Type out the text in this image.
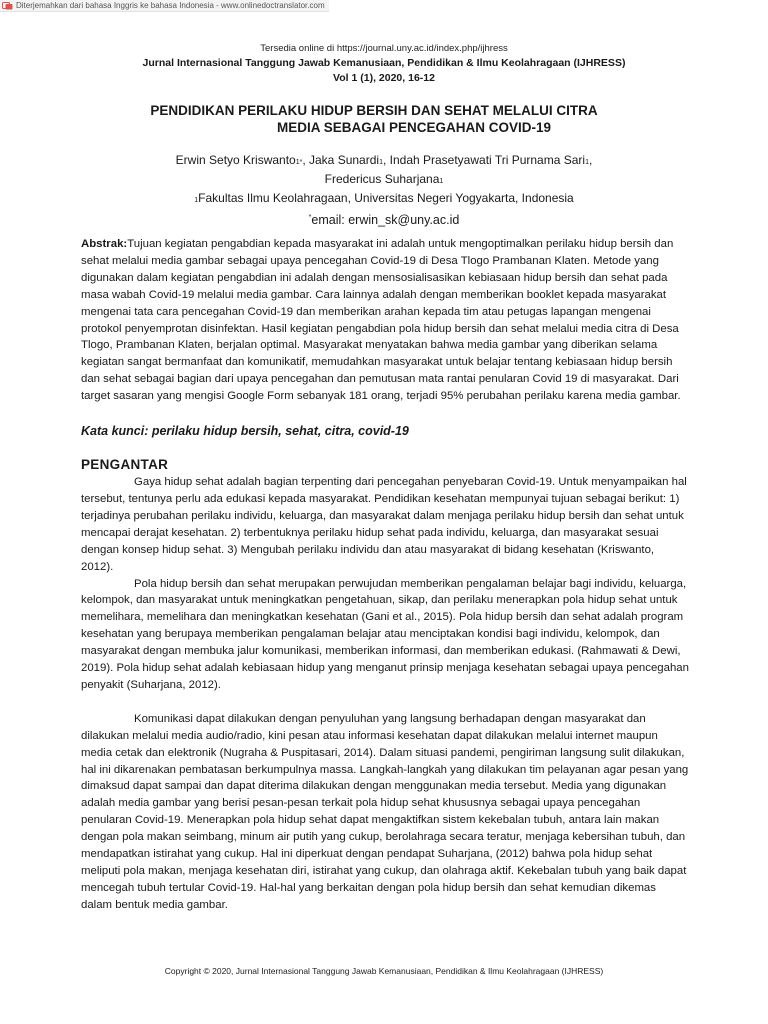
Diterjemahkan dari bahasa Inggris ke bahasa Indonesia - www.onlinedoctranslator.com
Tersedia online di https://journal.uny.ac.id/index.php/ijhress
Jurnal Internasional Tanggung Jawab Kemanusiaan, Pendidikan & Ilmu Keolahragaan (IJHRESS)
Vol 1 (1), 2020, 16-12
PENDIDIKAN PERILAKU HIDUP BERSIH DAN SEHAT MELALUI CITRA
MEDIA SEBAGAI PENCEGAHAN COVID-19
Erwin Setyo Kriswanto1*, Jaka Sunardi1, Indah Prasetyawati Tri Purnama Sari1,
Fredericus Suharjana1
1Fakultas Ilmu Keolahragaan, Universitas Negeri Yogyakarta, Indonesia
*email: erwin_sk@uny.ac.id

Abstrak:Tujuan kegiatan pengabdian kepada masyarakat ini adalah untuk mengoptimalkan perilaku hidup bersih dan sehat melalui media gambar sebagai upaya pencegahan Covid-19 di Desa Tlogo Prambanan Klaten. Metode yang digunakan dalam kegiatan pengabdian ini adalah dengan mensosialisasikan kebiasaan hidup bersih dan sehat pada masa wabah Covid-19 melalui media gambar. Cara lainnya adalah dengan memberikan booklet kepada masyarakat mengenai tata cara pencegahan Covid-19 dan memberikan arahan kepada tim atau petugas lapangan mengenai protokol penyemprotan disinfektan. Hasil kegiatan pengabdian pola hidup bersih dan sehat melalui media citra di Desa Tlogo, Prambanan Klaten, berjalan optimal. Masyarakat menyatakan bahwa media gambar yang diberikan selama kegiatan sangat bermanfaat dan komunikatif, memudahkan masyarakat untuk belajar tentang kebiasaan hidup bersih dan sehat sebagai bagian dari upaya pencegahan dan pemutusan mata rantai penularan Covid 19 di masyarakat. Dari target sasaran yang mengisi Google Form sebanyak 181 orang, terjadi 95% perubahan perilaku karena media gambar.

Kata kunci: perilaku hidup bersih, sehat, citra, covid-19

PENGANTAR

Gaya hidup sehat adalah bagian terpenting dari pencegahan penyebaran Covid-19. Untuk menyampaikan hal tersebut, tentunya perlu ada edukasi kepada masyarakat. Pendidikan kesehatan mempunyai tujuan sebagai berikut: 1) terjadinya perubahan perilaku individu, keluarga, dan masyarakat dalam menjaga perilaku hidup bersih dan sehat untuk mencapai derajat kesehatan. 2) terbentuknya perilaku hidup sehat pada individu, keluarga, dan masyarakat sesuai dengan konsep hidup sehat. 3) Mengubah perilaku individu dan atau masyarakat di bidang kesehatan (Kriswanto, 2012).

Pola hidup bersih dan sehat merupakan perwujudan memberikan pengalaman belajar bagi individu, keluarga, kelompok, dan masyarakat untuk meningkatkan pengetahuan, sikap, dan perilaku menerapkan pola hidup sehat untuk memelihara, memelihara dan meningkatkan kesehatan (Gani et al., 2015). Pola hidup bersih dan sehat adalah program kesehatan yang berupaya memberikan pengalaman belajar atau menciptakan kondisi bagi individu, kelompok, dan masyarakat dengan membuka jalur komunikasi, memberikan informasi, dan memberikan edukasi. (Rahmawati & Dewi, 2019). Pola hidup sehat adalah kebiasaan hidup yang menganut prinsip menjaga kesehatan sebagai upaya pencegahan penyakit (Suharjana, 2012).

Komunikasi dapat dilakukan dengan penyuluhan yang langsung berhadapan dengan masyarakat dan dilakukan melalui media audio/radio, kini pesan atau informasi kesehatan dapat dilakukan melalui internet maupun media cetak dan elektronik (Nugraha & Puspitasari, 2014). Dalam situasi pandemi, pengiriman langsung sulit dilakukan, hal ini dikarenakan pembatasan berkumpulnya massa. Langkah-langkah yang dilakukan tim pelayanan agar pesan yang dimaksud dapat sampai dan dapat diterima dilakukan dengan menggunakan media tersebut. Media yang digunakan adalah media gambar yang berisi pesan-pesan terkait pola hidup sehat khususnya sebagai upaya pencegahan penularan Covid-19. Menerapkan pola hidup sehat dapat mengaktifkan sistem kekebalan tubuh, antara lain makan dengan pola makan seimbang, minum air putih yang cukup, berolahraga secara teratur, menjaga kebersihan tubuh, dan mendapatkan istirahat yang cukup. Hal ini diperkuat dengan pendapat Suharjana, (2012) bahwa pola hidup sehat meliputi pola makan, menjaga kesehatan diri, istirahat yang cukup, dan olahraga aktif. Kekebalan tubuh yang baik dapat mencegah tubuh tertular Covid-19. Hal-hal yang berkaitan dengan pola hidup bersih dan sehat kemudian dikemas dalam bentuk media gambar.

Copyright © 2020, Jurnal Internasional Tanggung Jawab Kemanusiaan, Pendidikan & Ilmu Keolahragaan (IJHRESS)
